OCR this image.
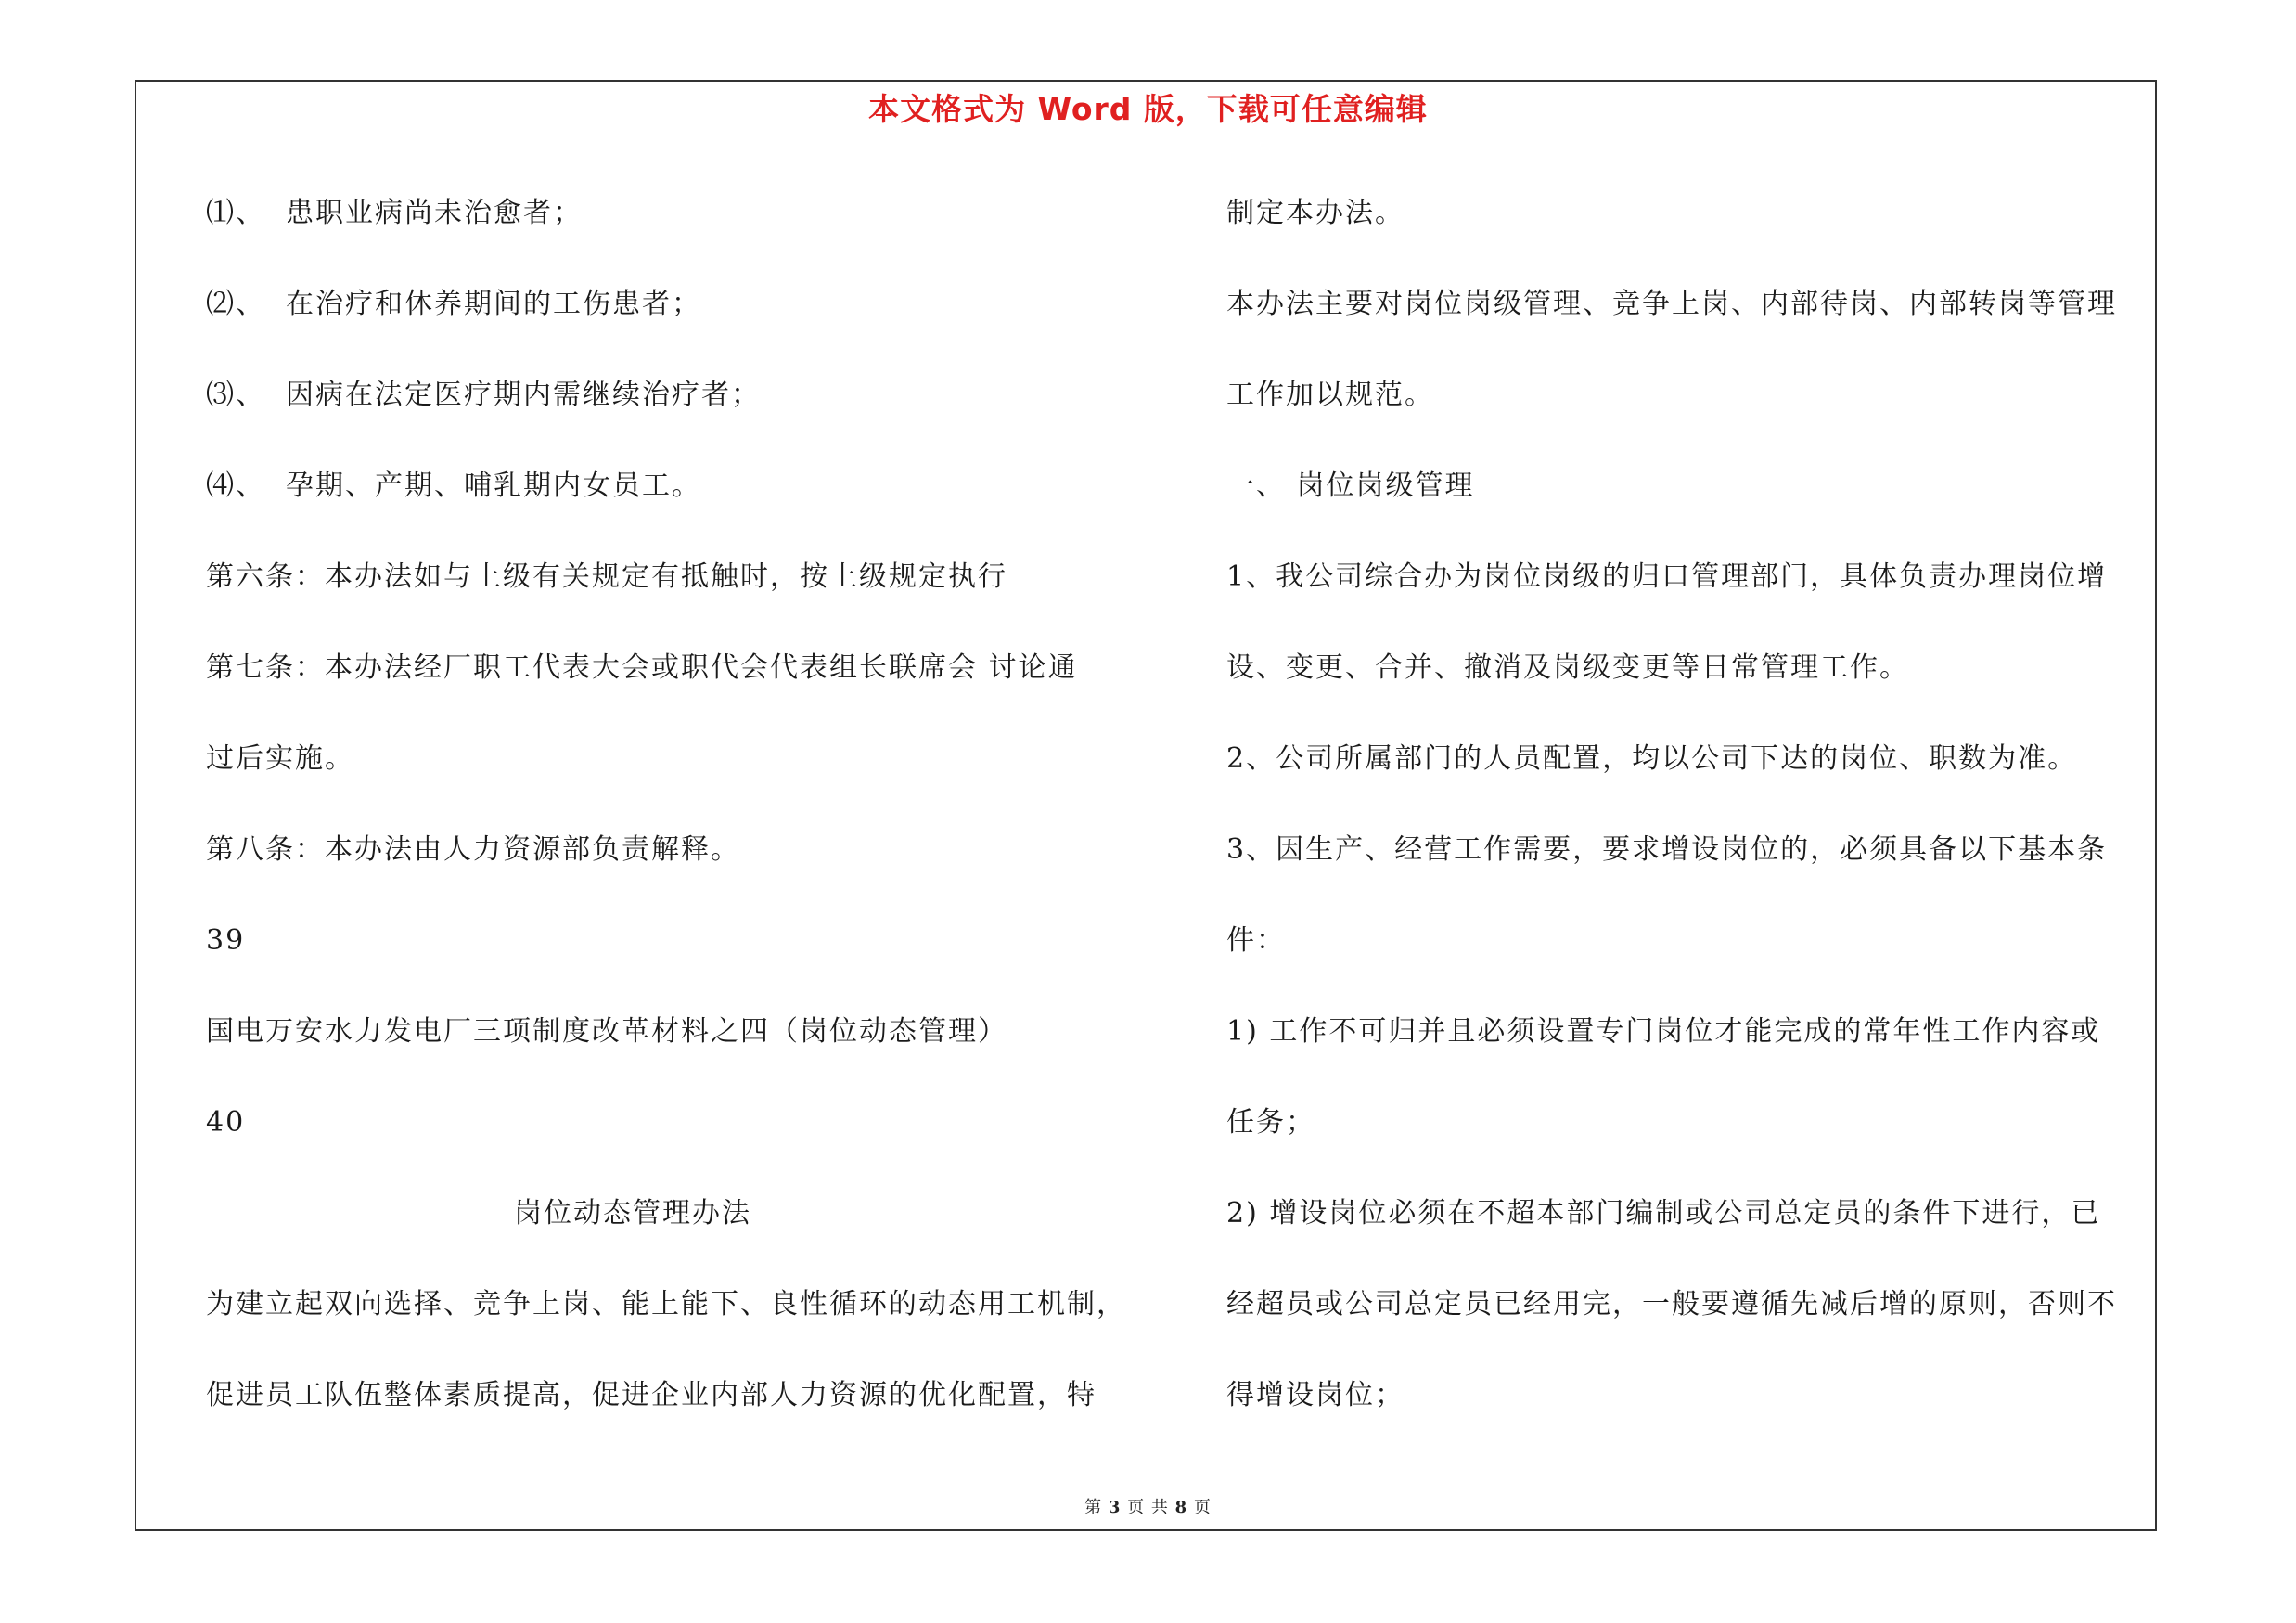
本文格式为 Word 版，下载可任意编辑
⑴、 患职业病尚未治愈者；
⑵、 在治疗和休养期间的工伤患者；
⑶、 因病在法定医疗期内需继续治疗者；
⑷、 孕期、产期、哺乳期内女员工。
第六条：本办法如与上级有关规定有抵触时，按上级规定执行
第七条：本办法经厂职工代表大会或职代会代表组长联席会 讨论通
过后实施。
第八条：本办法由人力资源部负责解释。
39
国电万安水力发电厂三项制度改革材料之四（岗位动态管理）
40
岗位动态管理办法
为建立起双向选择、竞争上岗、能上能下、良性循环的动态用工机制，
促进员工队伍整体素质提高，促进企业内部人力资源的优化配置，特
制定本办法。
本办法主要对岗位岗级管理、竞争上岗、内部待岗、内部转岗等管理
工作加以规范。
一、 岗位岗级管理
1、我公司综合办为岗位岗级的归口管理部门，具体负责办理岗位增
设、变更、合并、撤消及岗级变更等日常管理工作。
2、公司所属部门的人员配置，均以公司下达的岗位、职数为准。
3、因生产、经营工作需要，要求增设岗位的，必须具备以下基本条
件：
1) 工作不可归并且必须设置专门岗位才能完成的常年性工作内容或
任务；
2) 增设岗位必须在不超本部门编制或公司总定员的条件下进行，已
经超员或公司总定员已经用完，一般要遵循先减后增的原则，否则不
得增设岗位；
第 3 页 共 8 页
